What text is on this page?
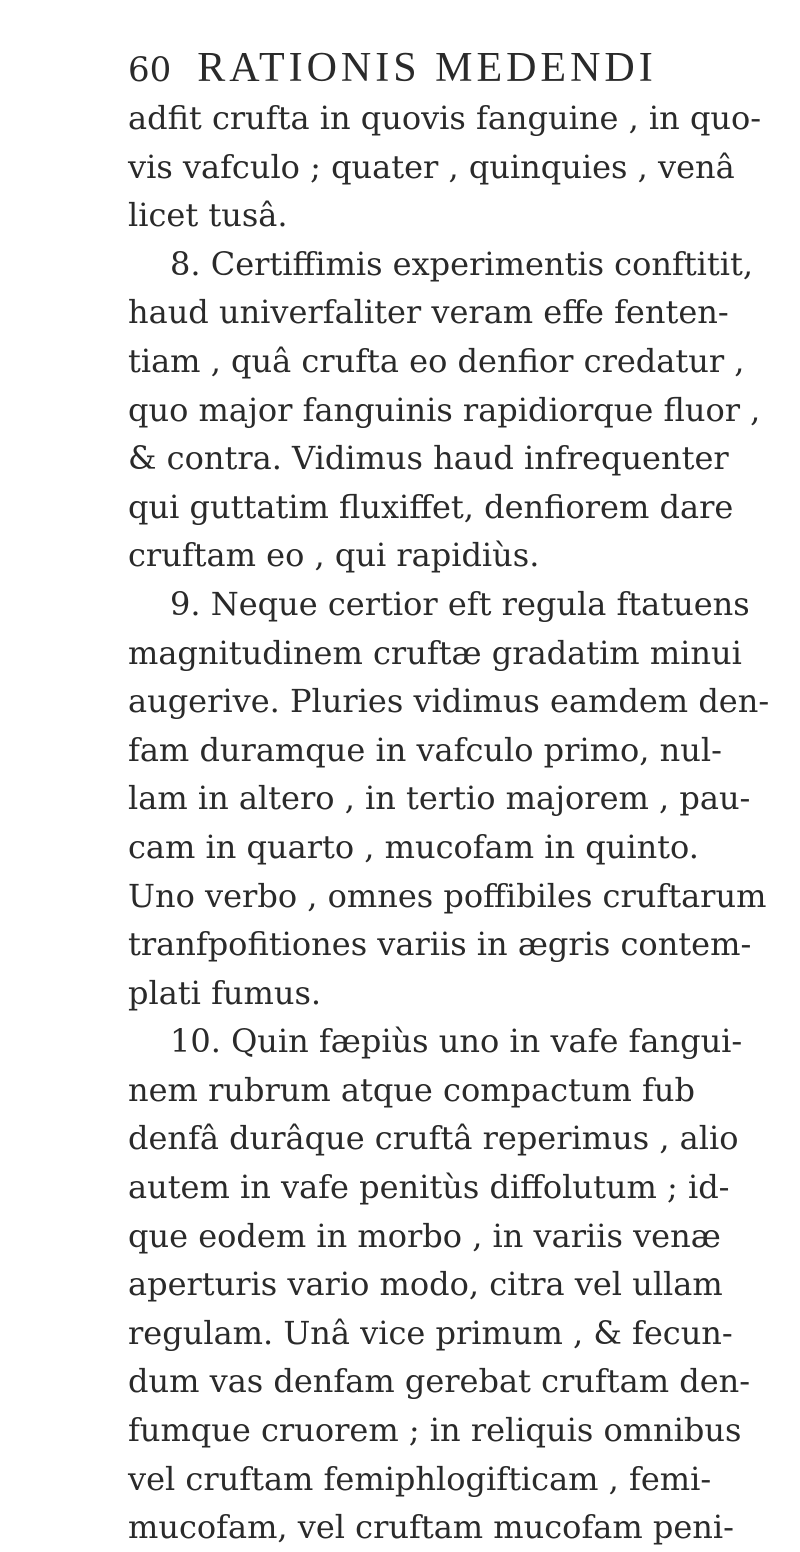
60 RATIONIS MEDENDI
adfit crufta in quovis fanguine , in quo-
vis vafculo ; quater , quinquies , venâ
licet tusâ.
8. Certiffimis experimentis conftitit,
haud univerfaliter veram effe fenten-
tiam , quâ crufta eo denfior credatur ,
quo major fanguinis rapidiorque fluor ,
& contra. Vidimus haud infrequenter
qui guttatim fluxiffet, denfiorem dare
cruftam eo , qui rapidiùs.
9. Neque certior eft regula ftatuens
magnitudinem cruftæ gradatim minui
augerive. Pluries vidimus eamdem den-
fam duramque in vafculo primo, nul-
lam in altero , in tertio majorem , pau-
cam in quarto , mucofam in quinto.
Uno verbo , omnes poffibiles cruftarum
tranfpofitiones variis in ægris contem-
plati fumus.
10. Quin fæpiùs uno in vafe fangui-
nem rubrum atque compactum fub
denfâ durâque cruftâ reperimus , alio
autem in vafe penitùs diffolutum ; id-
que eodem in morbo , in variis venæ
aperturis vario modo, citra vel ullam
regulam. Unâ vice primum , & fecun-
dum vas denfam gerebat cruftam den-
fumque cruorem ; in reliquis omnibus
vel cruftam femiphlogifticam , femi-
mucofam, vel cruftam mucofam peni-
